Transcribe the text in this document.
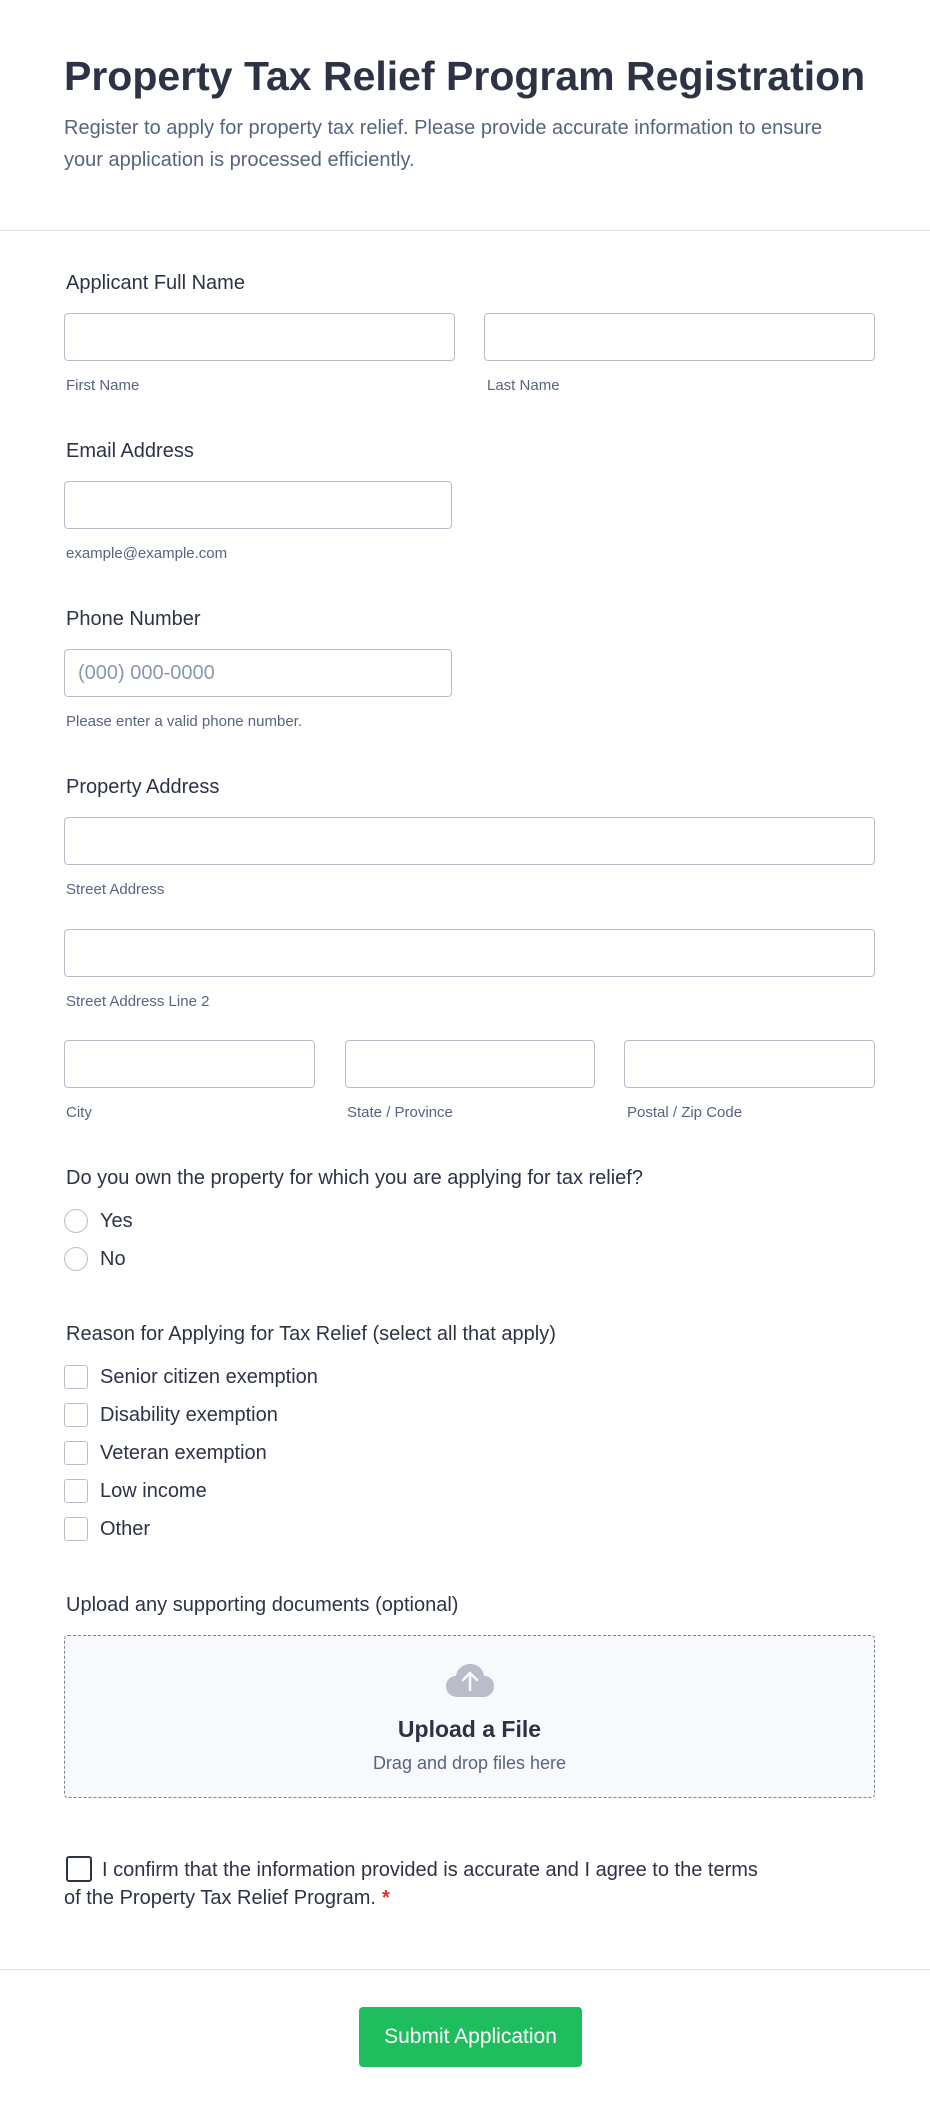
Property Tax Relief Program Registration
Register to apply for property tax relief. Please provide accurate information to ensure your application is processed efficiently.
Applicant Full Name
First Name	Last Name
Email Address
example@example.com
Phone Number
(000) 000-0000
Please enter a valid phone number.
Property Address
Street Address
Street Address Line 2
City	State / Province	Postal / Zip Code
Do you own the property for which you are applying for tax relief?
Yes
No
Reason for Applying for Tax Relief (select all that apply)
Senior citizen exemption
Disability exemption
Veteran exemption
Low income
Other
Upload any supporting documents (optional)
Upload a File
Drag and drop files here
I confirm that the information provided is accurate and I agree to the terms of the Property Tax Relief Program. *
Submit Application
